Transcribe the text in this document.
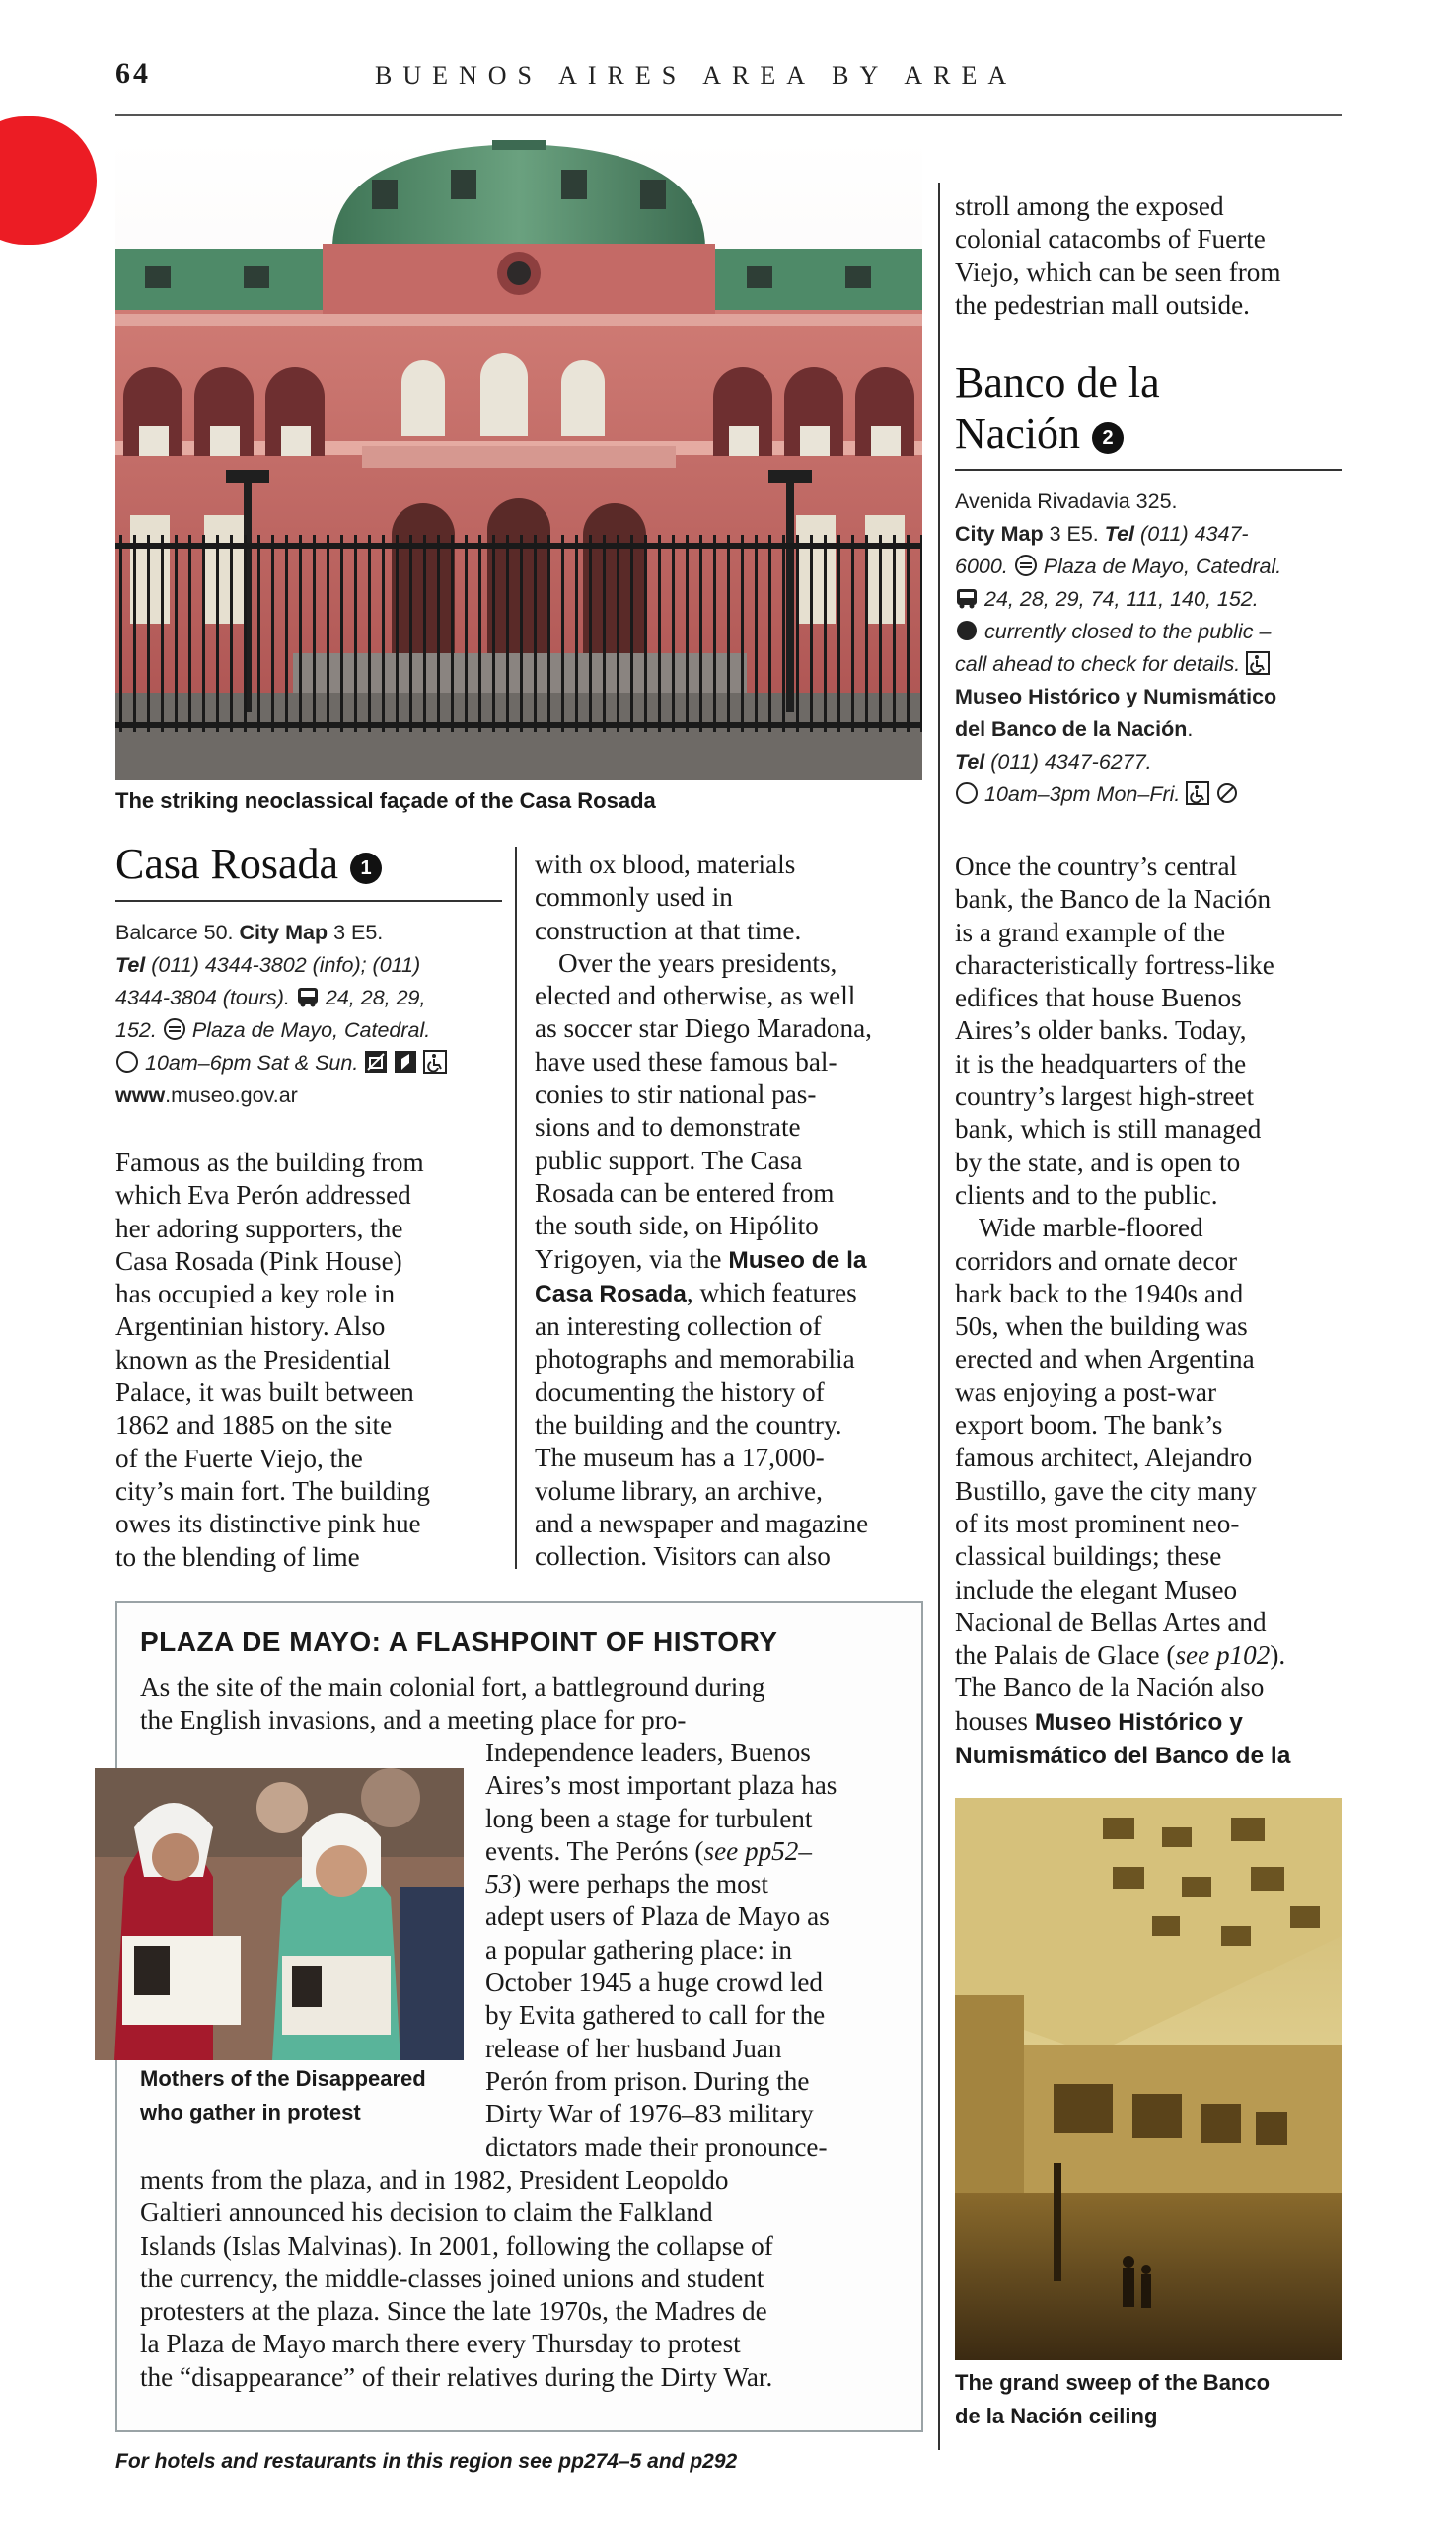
64	BUENOS AIRES AREA BY AREA
The striking neoclassical façade of the Casa Rosada
Casa Rosada 1
Balcarce 50. City Map 3 E5.
Tel (011) 4344-3802 (info); (011)
4344-3804 (tours). 24, 28, 29,
152. Plaza de Mayo, Catedral.
10am–6pm Sat & Sun.
www.museo.gov.ar

Famous as the building from
which Eva Perón addressed
her adoring supporters, the
Casa Rosada (Pink House)
has occupied a key role in
Argentinian history. Also
known as the Presidential
Palace, it was built between
1862 and 1885 on the site
of the Fuerte Viejo, the
city’s main fort. The building
owes its distinctive pink hue
to the blending of lime

with ox blood, materials
commonly used in
construction at that time.

Over the years presidents,
elected and otherwise, as well
as soccer star Diego Maradona,
have used these famous bal-
conies to stir national pas-
sions and to demonstrate
public support. The Casa
Rosada can be entered from
the south side, on Hipólito
Yrigoyen, via the Museo de la
Casa Rosada, which features
an interesting collection of
photographs and memorabilia
documenting the history of
the building and the country.
The museum has a 17,000-
volume library, an archive,
and a newspaper and magazine
collection. Visitors can also

stroll among the exposed
colonial catacombs of Fuerte
Viejo, which can be seen from
the pedestrian mall outside.

Banco de la
Nación 2
Avenida Rivadavia 325.
City Map 3 E5. Tel (011) 4347-
6000. Plaza de Mayo, Catedral.
24, 28, 29, 74, 111, 140, 152.
currently closed to the public –
call ahead to check for details.
Museo Histórico y Numismático
del Banco de la Nación.
Tel (011) 4347-6277.
10am–3pm Mon–Fri.

Once the country’s central
bank, the Banco de la Nación
is a grand example of the
characteristically fortress-like
edifices that house Buenos
Aires’s older banks. Today,
it is the headquarters of the
country’s largest high-street
bank, which is still managed
by the state, and is open to
clients and to the public.

Wide marble-floored
corridors and ornate decor
hark back to the 1940s and
50s, when the building was
erected and when Argentina
was enjoying a post-war
export boom. The bank’s
famous architect, Alejandro
Bustillo, gave the city many
of its most prominent neo-
classical buildings; these
include the elegant Museo
Nacional de Bellas Artes and

the Palais de Glace (see p102).
The Banco de la Nación also
houses Museo Histórico y
Numismático del Banco de la

The grand sweep of the Banco
de la Nación ceiling
PLAZA DE MAYO: A FLASHPOINT OF HISTORY

As the site of the main colonial fort, a battleground during
the English invasions, and a meeting place for pro-

Mothers of the Disappeared
who gather in protest

Independence leaders, Buenos
Aires’s most important plaza has
long been a stage for turbulent
events. The Peróns (see pp52–
53) were perhaps the most
adept users of Plaza de Mayo as
a popular gathering place: in
October 1945 a huge crowd led
by Evita gathered to call for the
release of her husband Juan
Perón from prison. During the
Dirty War of 1976–83 military
dictators made their pronounce-

ments from the plaza, and in 1982, President Leopoldo
Galtieri announced his decision to claim the Falkland
Islands (Islas Malvinas). In 2001, following the collapse of
the currency, the middle-classes joined unions and student
protesters at the plaza. Since the late 1970s, the Madres de
la Plaza de Mayo march there every Thursday to protest
the “disappearance” of their relatives during the Dirty War.

For hotels and restaurants in this region see pp274–5 and p292
